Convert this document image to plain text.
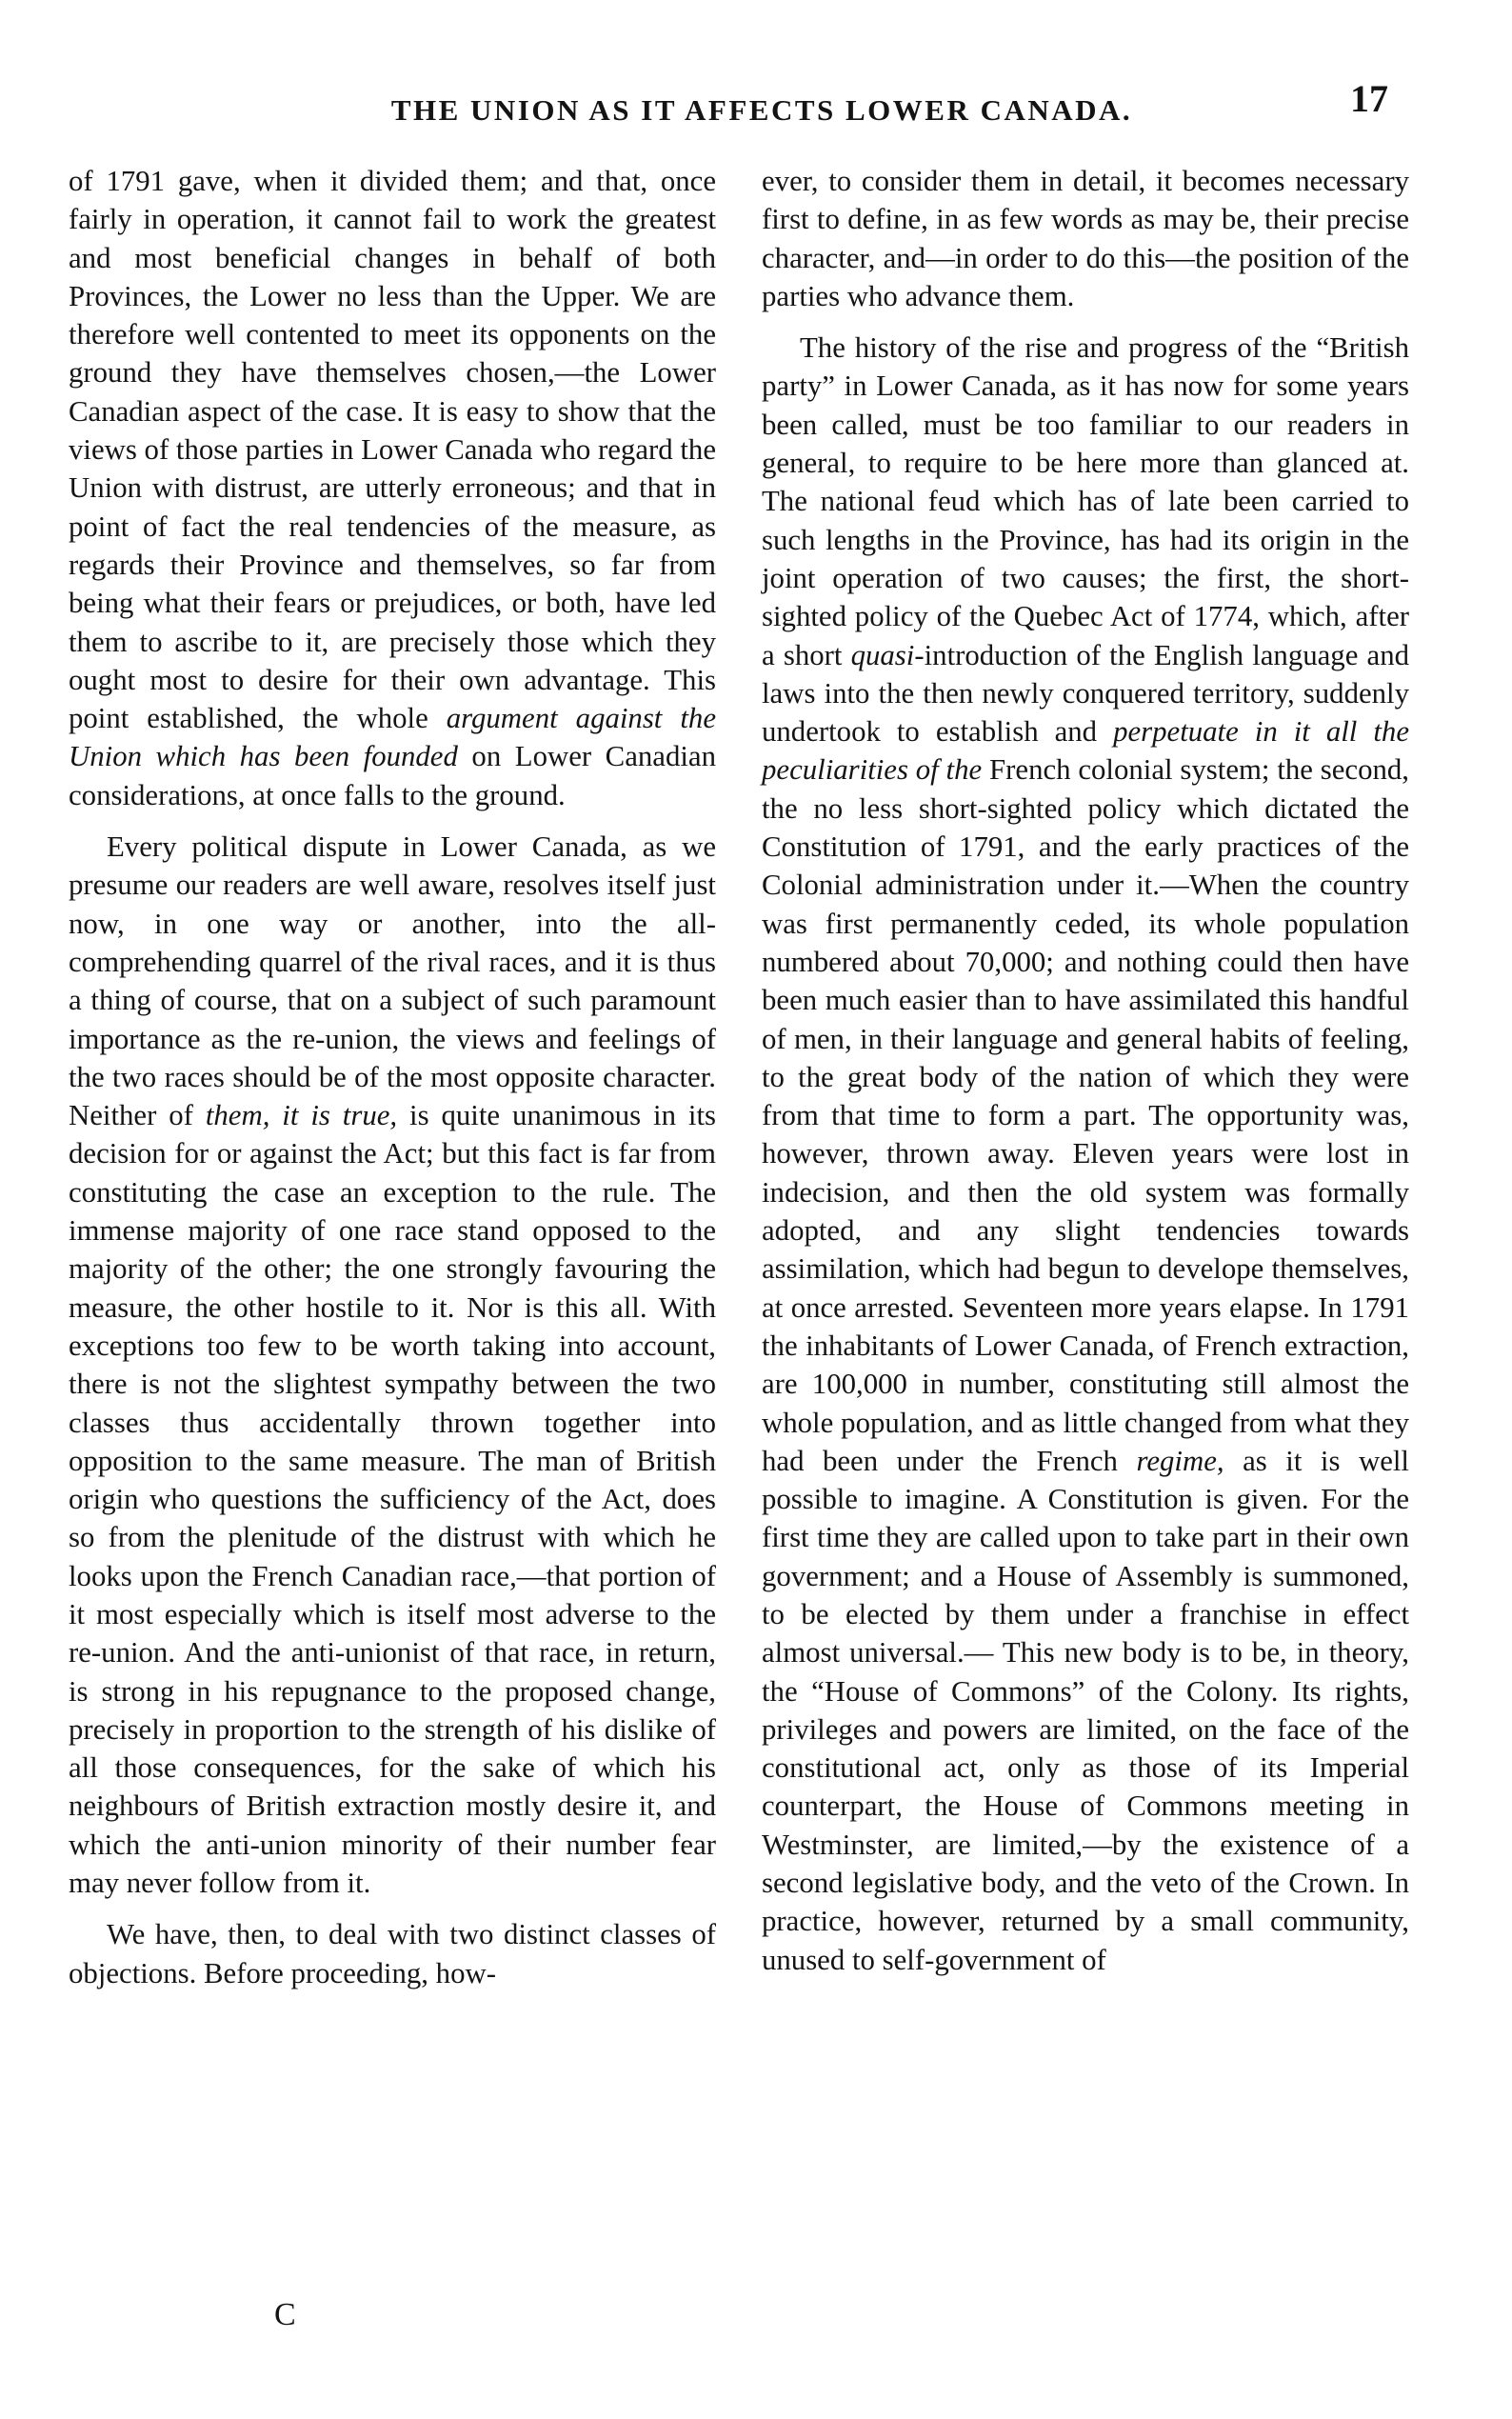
THE UNION AS IT AFFECTS LOWER CANADA.	17

of 1791 gave, when it divided them; and that, once fairly in operation, it cannot fail to work the greatest and most beneficial changes in behalf of both Provinces, the Lower no less than the Upper. We are therefore well contented to meet its opponents on the ground they have themselves chosen,—the Lower Canadian aspect of the case. It is easy to show that the views of those parties in Lower Canada who regard the Union with distrust, are utterly erroneous; and that in point of fact the real tendencies of the measure, as regards their Province and themselves, so far from being what their fears or prejudices, or both, have led them to ascribe to it, are precisely those which they ought most to desire for their own advantage. This point established, the whole argument against the Union which has been founded on Lower Canadian considerations, at once falls to the ground.

Every political dispute in Lower Canada, as we presume our readers are well aware, resolves itself just now, in one way or another, into the all-comprehending quarrel of the rival races, and it is thus a thing of course, that on a subject of such paramount importance as the re-union, the views and feelings of the two races should be of the most opposite character. Neither of them, it is true, is quite unanimous in its decision for or against the Act; but this fact is far from constituting the case an exception to the rule. The immense majority of one race stand opposed to the majority of the other; the one strongly favouring the measure, the other hostile to it. Nor is this all. With exceptions too few to be worth taking into account, there is not the slightest sympathy between the two classes thus accidentally thrown together into opposition to the same measure. The man of British origin who questions the sufficiency of the Act, does so from the plenitude of the distrust with which he looks upon the French Canadian race,—that portion of it most especially which is itself most adverse to the re-union. And the anti-unionist of that race, in return, is strong in his repugnance to the proposed change, precisely in proportion to the strength of his dislike of all those consequences, for the sake of which his neighbours of British extraction mostly desire it, and which the anti-union minority of their number fear may never follow from it.

We have, then, to deal with two distinct classes of objections. Before proceeding, how-

ever, to consider them in detail, it becomes necessary first to define, in as few words as may be, their precise character, and—in order to do this—the position of the parties who advance them.

The history of the rise and progress of the “British party” in Lower Canada, as it has now for some years been called, must be too familiar to our readers in general, to require to be here more than glanced at. The national feud which has of late been carried to such lengths in the Province, has had its origin in the joint operation of two causes; the first, the short-sighted policy of the Quebec Act of 1774, which, after a short quasi-introduction of the English language and laws into the then newly conquered territory, suddenly undertook to establish and perpetuate in it all the peculiarities of the French colonial system; the second, the no less short-sighted policy which dictated the Constitution of 1791, and the early practices of the Colonial administration under it.—When the country was first permanently ceded, its whole population numbered about 70,000; and nothing could then have been much easier than to have assimilated this handful of men, in their language and general habits of feeling, to the great body of the nation of which they were from that time to form a part. The opportunity was, however, thrown away. Eleven years were lost in indecision, and then the old system was formally adopted, and any slight tendencies towards assimilation, which had begun to develope themselves, at once arrested. Seventeen more years elapse. In 1791 the inhabitants of Lower Canada, of French extraction, are 100,000 in number, constituting still almost the whole population, and as little changed from what they had been under the French regime, as it is well possible to imagine. A Constitution is given. For the first time they are called upon to take part in their own government; and a House of Assembly is summoned, to be elected by them under a franchise in effect almost universal.— This new body is to be, in theory, the “House of Commons” of the Colony. Its rights, privileges and powers are limited, on the face of the constitutional act, only as those of its Imperial counterpart, the House of Commons meeting in Westminster, are limited,—by the existence of a second legislative body, and the veto of the Crown. In practice, however, returned by a small community, unused to self-government of

C
